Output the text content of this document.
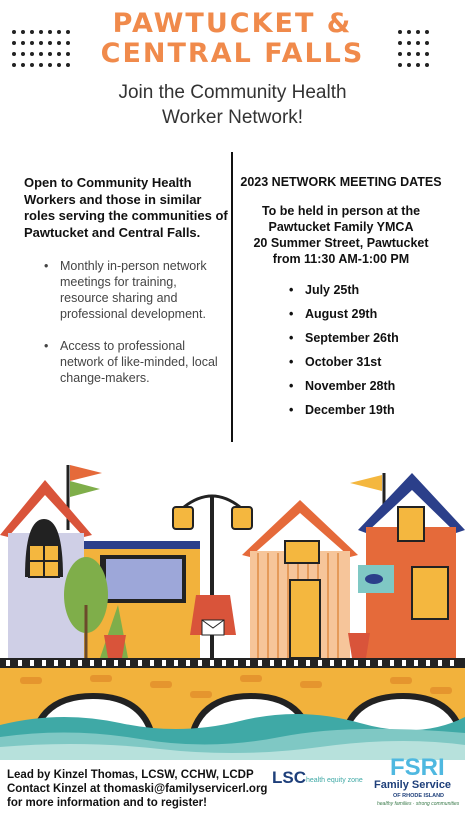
PAWTUCKET &
CENTRAL FALLS
Join the Community Health
Worker Network!
Open to Community Health Workers and those in similar roles serving the communities of Pawtucket and Central Falls.
• Monthly in-person network meetings for training, resource sharing and professional development.
• Access to professional network of like-minded, local change-makers.
2023 NETWORK MEETING DATES
To be held in person at the
Pawtucket Family YMCA
20 Summer Street, Pawtucket
from 11:30 AM-1:00 PM
• July 25th
• August 29th
• September 26th
• October 31st
• November 28th
• December 19th
Lead by Kinzel Thomas, LCSW, CCHW, LCDP
Contact Kinzel at thomaski@familyservicerl.org
for more information and to register!
LSC health equity zone FSRI
Family Service
OF RHODE ISLAND
healthy families · strong communities
